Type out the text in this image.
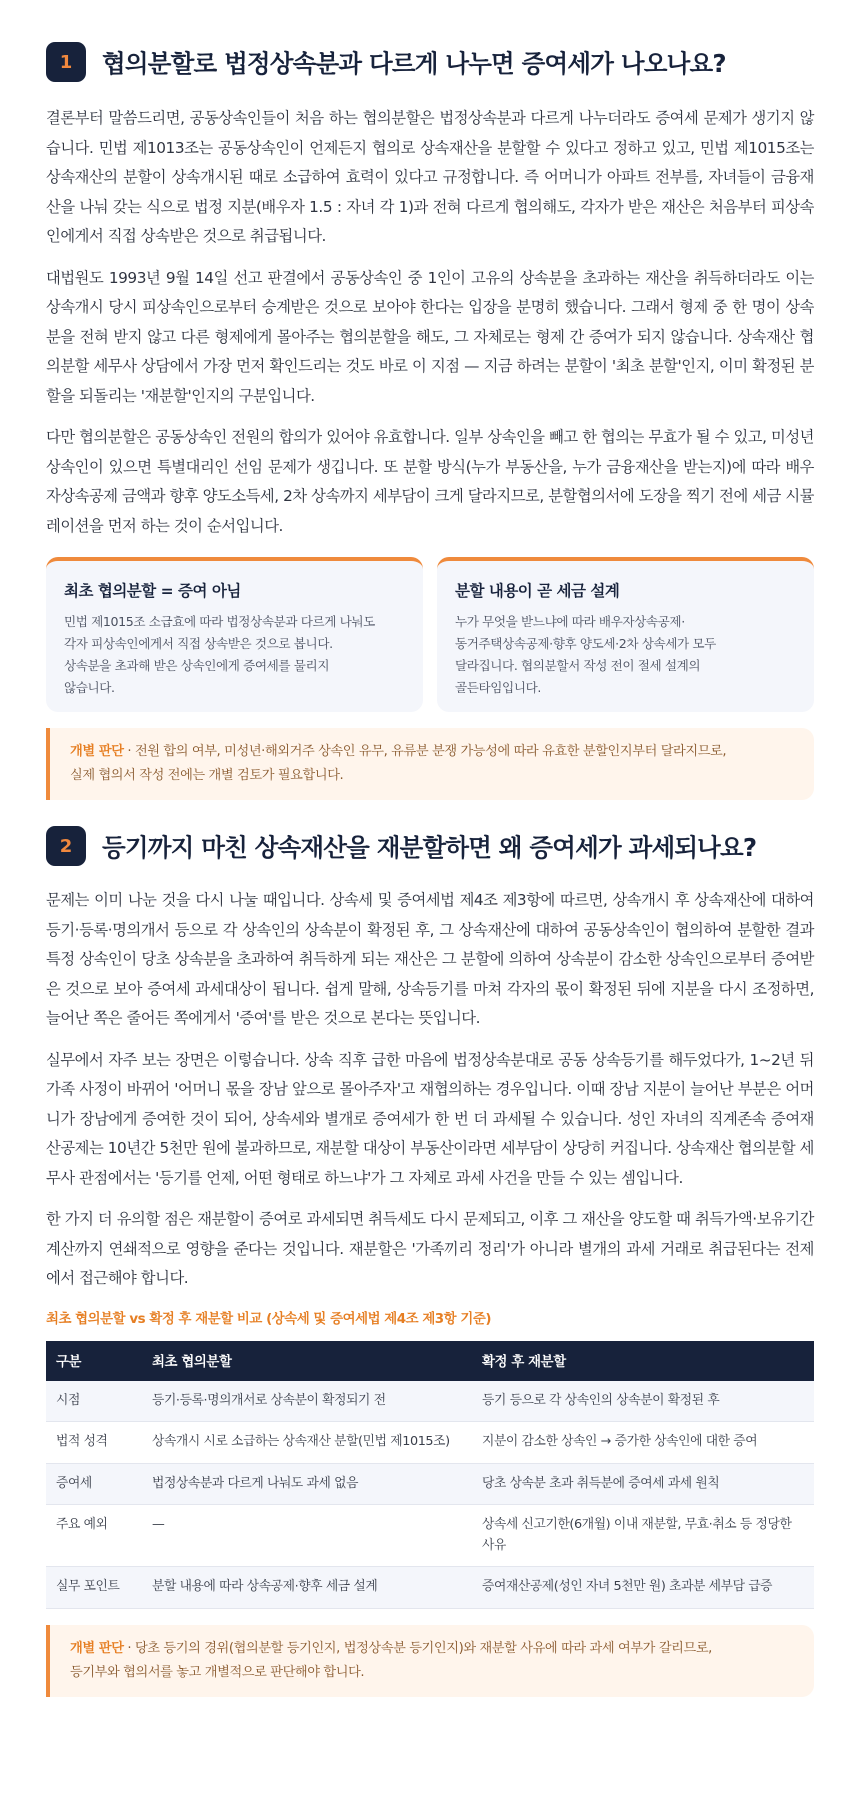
1	협의분할로 법정상속분과 다르게 나누면 증여세가 나오나요?

결론부터 말씀드리면, 공동상속인들이 처음 하는 협의분할은 법정상속분과 다르게 나누더라도 증여세 문제가 생기지 않습니다. 민법 제1013조는 공동상속인이 언제든지 협의로 상속재산을 분할할 수 있다고 정하고 있고, 민법 제1015조는 상속재산의 분할이 상속개시된 때로 소급하여 효력이 있다고 규정합니다. 즉 어머니가 아파트 전부를, 자녀들이 금융재산을 나눠 갖는 식으로 법정 지분(배우자 1.5 : 자녀 각 1)과 전혀 다르게 협의해도, 각자가 받은 재산은 처음부터 피상속인에게서 직접 상속받은 것으로 취급됩니다.

대법원도 1993년 9월 14일 선고 판결에서 공동상속인 중 1인이 고유의 상속분을 초과하는 재산을 취득하더라도 이는 상속개시 당시 피상속인으로부터 승계받은 것으로 보아야 한다는 입장을 분명히 했습니다. 그래서 형제 중 한 명이 상속분을 전혀 받지 않고 다른 형제에게 몰아주는 협의분할을 해도, 그 자체로는 형제 간 증여가 되지 않습니다. 상속재산 협의분할 세무사 상담에서 가장 먼저 확인드리는 것도 바로 이 지점 — 지금 하려는 분할이 '최초 분할'인지, 이미 확정된 분할을 되돌리는 '재분할'인지의 구분입니다.

다만 협의분할은 공동상속인 전원의 합의가 있어야 유효합니다. 일부 상속인을 빼고 한 협의는 무효가 될 수 있고, 미성년 상속인이 있으면 특별대리인 선임 문제가 생깁니다. 또 분할 방식(누가 부동산을, 누가 금융재산을 받는지)에 따라 배우자상속공제 금액과 향후 양도소득세, 2차 상속까지 세부담이 크게 달라지므로, 분할협의서에 도장을 찍기 전에 세금 시뮬레이션을 먼저 하는 것이 순서입니다.

최초 협의분할 = 증여 아님
민법 제1015조 소급효에 따라 법정상속분과 다르게 나눠도
각자 피상속인에게서 직접 상속받은 것으로 봅니다.
상속분을 초과해 받은 상속인에게 증여세를 물리지
않습니다.
분할 내용이 곧 세금 설계
누가 무엇을 받느냐에 따라 배우자상속공제·
동거주택상속공제·향후 양도세·2차 상속세가 모두
달라집니다. 협의분할서 작성 전이 절세 설계의
골든타임입니다.
개별 판단 · 전원 합의 여부, 미성년·해외거주 상속인 유무, 유류분 분쟁 가능성에 따라 유효한 분할인지부터 달라지므로,
실제 협의서 작성 전에는 개별 검토가 필요합니다.
2	등기까지 마친 상속재산을 재분할하면 왜 증여세가 과세되나요?

문제는 이미 나눈 것을 다시 나눌 때입니다. 상속세 및 증여세법 제4조 제3항에 따르면, 상속개시 후 상속재산에 대하여 등기·등록·명의개서 등으로 각 상속인의 상속분이 확정된 후, 그 상속재산에 대하여 공동상속인이 협의하여 분할한 결과 특정 상속인이 당초 상속분을 초과하여 취득하게 되는 재산은 그 분할에 의하여 상속분이 감소한 상속인으로부터 증여받은 것으로 보아 증여세 과세대상이 됩니다. 쉽게 말해, 상속등기를 마쳐 각자의 몫이 확정된 뒤에 지분을 다시 조정하면, 늘어난 쪽은 줄어든 쪽에게서 '증여'를 받은 것으로 본다는 뜻입니다.

실무에서 자주 보는 장면은 이렇습니다. 상속 직후 급한 마음에 법정상속분대로 공동 상속등기를 해두었다가, 1~2년 뒤 가족 사정이 바뀌어 '어머니 몫을 장남 앞으로 몰아주자'고 재협의하는 경우입니다. 이때 장남 지분이 늘어난 부분은 어머니가 장남에게 증여한 것이 되어, 상속세와 별개로 증여세가 한 번 더 과세될 수 있습니다. 성인 자녀의 직계존속 증여재산공제는 10년간 5천만 원에 불과하므로, 재분할 대상이 부동산이라면 세부담이 상당히 커집니다. 상속재산 협의분할 세무사 관점에서는 '등기를 언제, 어떤 형태로 하느냐'가 그 자체로 과세 사건을 만들 수 있는 셈입니다.

한 가지 더 유의할 점은 재분할이 증여로 과세되면 취득세도 다시 문제되고, 이후 그 재산을 양도할 때 취득가액·보유기간 계산까지 연쇄적으로 영향을 준다는 것입니다. 재분할은 '가족끼리 정리'가 아니라 별개의 과세 거래로 취급된다는 전제에서 접근해야 합니다.

최초 협의분할 vs 확정 후 재분할 비교 (상속세 및 증여세법 제4조 제3항 기준)
구분	최초 협의분할	확정 후 재분할
시점	등기·등록·명의개서로 상속분이 확정되기 전	등기 등으로 각 상속인의 상속분이 확정된 후
법적 성격	상속개시 시로 소급하는 상속재산 분할(민법 제1015조)	지분이 감소한 상속인 → 증가한 상속인에 대한 증여
증여세	법정상속분과 다르게 나눠도 과세 없음	당초 상속분 초과 취득분에 증여세 과세 원칙
주요 예외	—	상속세 신고기한(6개월) 이내 재분할, 무효·취소 등 정당한 사유
실무 포인트	분할 내용에 따라 상속공제·향후 세금 설계	증여재산공제(성인 자녀 5천만 원) 초과분 세부담 급증
개별 판단 · 당초 등기의 경위(협의분할 등기인지, 법정상속분 등기인지)와 재분할 사유에 따라 과세 여부가 갈리므로,
등기부와 협의서를 놓고 개별적으로 판단해야 합니다.
